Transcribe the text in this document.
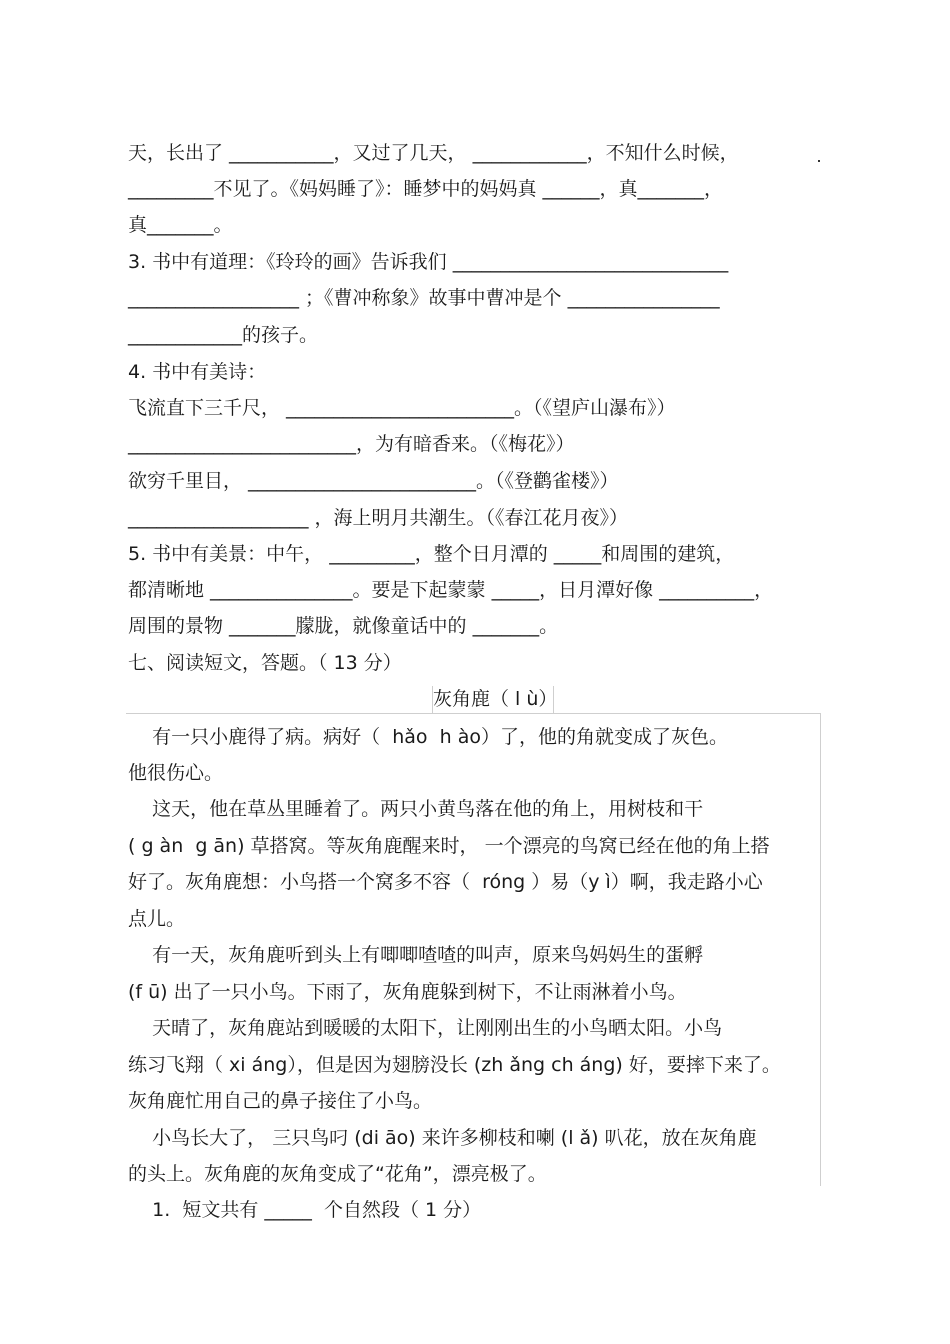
天，长出了 ___________，又过了几天， ____________，不知什么时候，
_________不见了。《妈妈睡了》：睡梦中的妈妈真 ______，真_______，
真_______。
3. 书中有道理：《玲玲的画》告诉我们 _____________________________
__________________ ；《曹冲称象》故事中曹冲是个 ________________
____________的孩子。
4. 书中有美诗：
飞流直下三千尺， ________________________。（《望庐山瀑布》）
________________________，为有暗香来。（《梅花》）
欲穷千里目， ________________________。（《登鹳雀楼》）
___________________ ，海上明月共潮生。（《春江花月夜》）
5. 书中有美景：中午， _________，整个日月潭的 _____和周围的建筑，
都清晰地 _______________。要是下起蒙蒙 _____，日月潭好像 __________，
周围的景物 _______朦胧，就像童话中的 _______。
七、阅读短文，答题。（ 13 分）
灰角鹿（ l ù）
有一只小鹿得了病。病好（  hǎo  h ào）了，他的角就变成了灰色。
他很伤心。
这天，他在草丛里睡着了。两只小黄鸟落在他的角上，用树枝和干
( g àn  g ān) 草搭窝。等灰角鹿醒来时， 一个漂亮的鸟窝已经在他的角上搭
好了。灰角鹿想：小鸟搭一个窝多不容（  róng ）易（y ì）啊，我走路小心
点儿。
有一天，灰角鹿听到头上有唧唧喳喳的叫声，原来鸟妈妈生的蛋孵
(f ū) 出了一只小鸟。下雨了，灰角鹿躲到树下，不让雨淋着小鸟。
天晴了，灰角鹿站到暖暖的太阳下，让刚刚出生的小鸟晒太阳。小鸟
练习飞翔（ xi áng），但是因为翅膀没长 (zh ǎng ch áng) 好，要摔下来了。
灰角鹿忙用自己的鼻子接住了小鸟。
小鸟长大了， 三只鸟叼 (di āo) 来许多柳枝和喇 (l ǎ) 叭花，放在灰角鹿
的头上。灰角鹿的灰角变成了“花角”，漂亮极了。
1.  短文共有 _____  个自然段（ 1 分）
